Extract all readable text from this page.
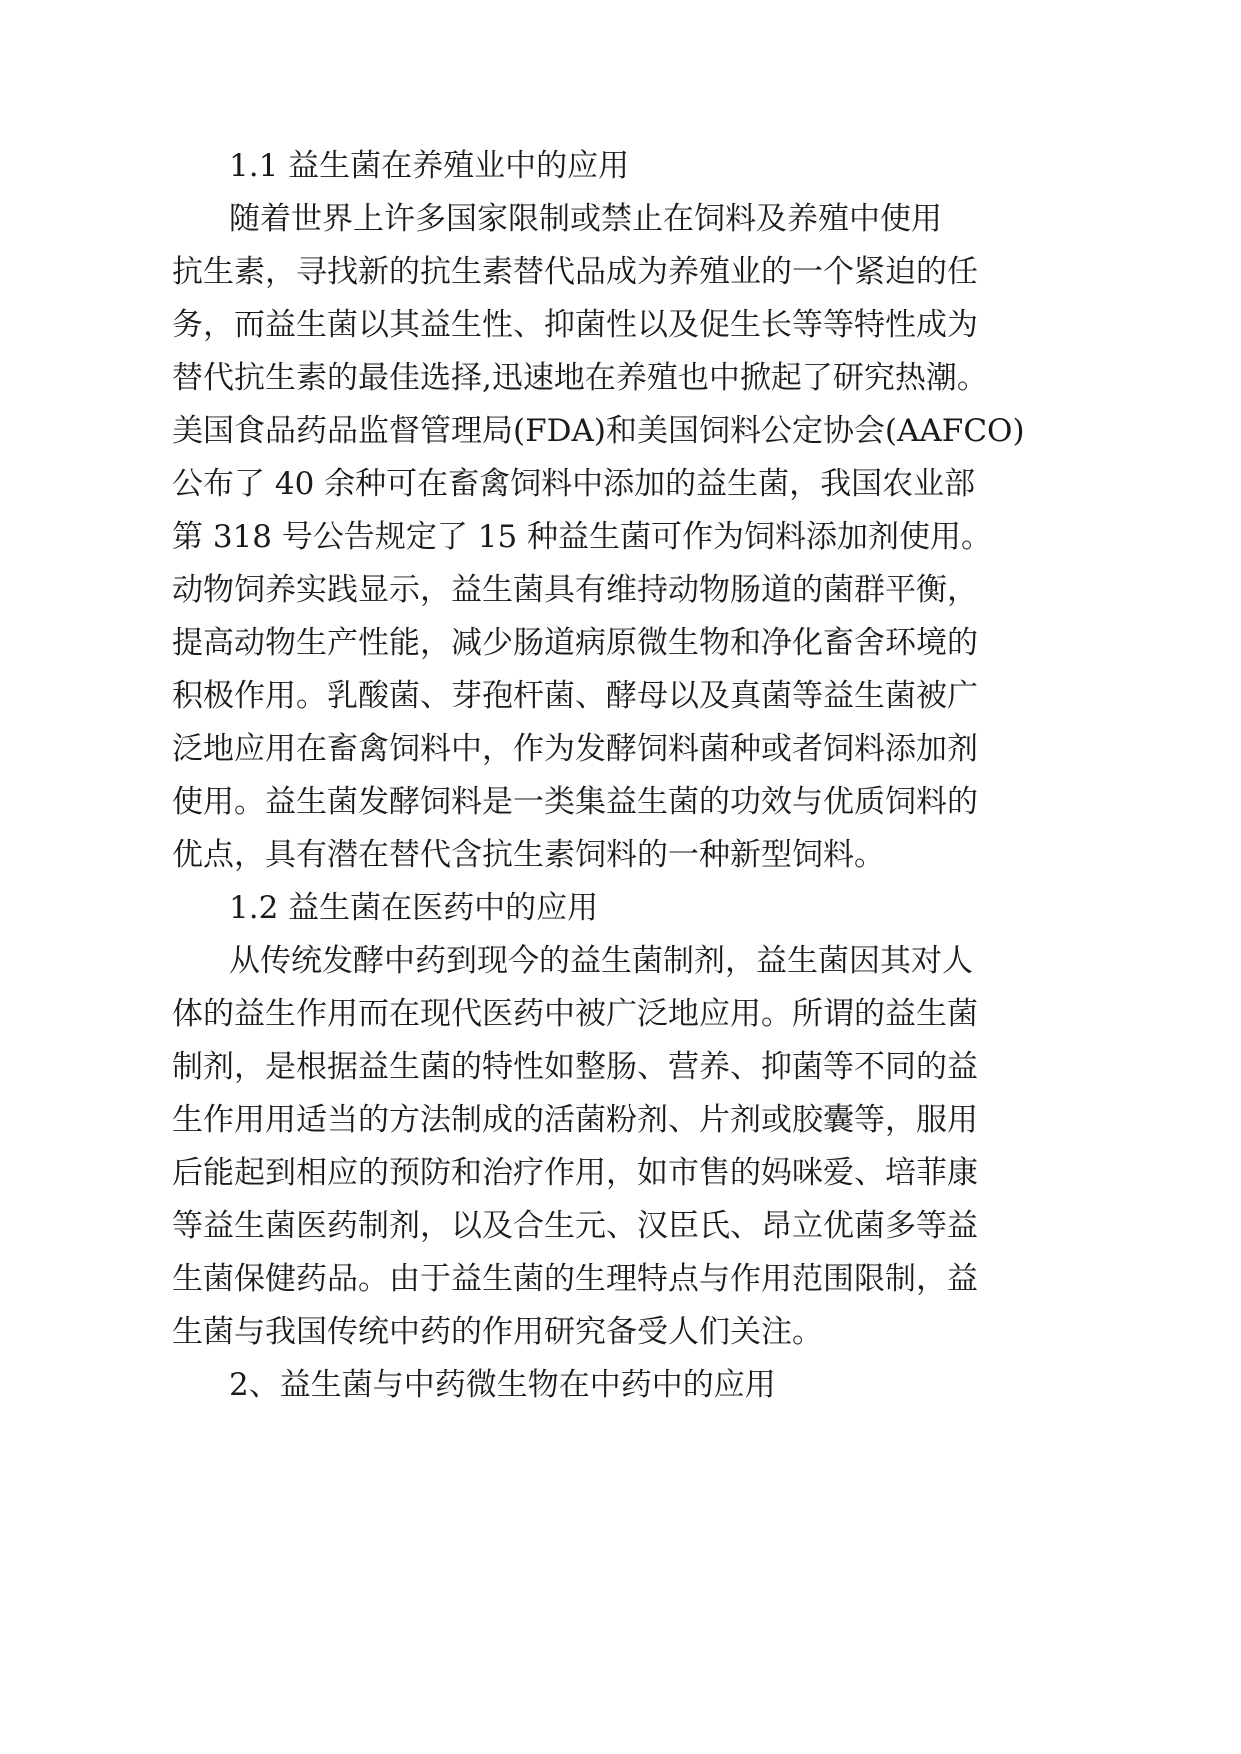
1.1 益生菌在养殖业中的应用
随着世界上许多国家限制或禁止在饲料及养殖中使用
抗生素，寻找新的抗生素替代品成为养殖业的一个紧迫的任
务，而益生菌以其益生性、抑菌性以及促生长等等特性成为
替代抗生素的最佳选择,迅速地在养殖也中掀起了研究热潮。
美国食品药品监督管理局(FDA)和美国饲料公定协会(AAFCO)
公布了 40 余种可在畜禽饲料中添加的益生菌，我国农业部
第 318 号公告规定了 15 种益生菌可作为饲料添加剂使用。
动物饲养实践显示，益生菌具有维持动物肠道的菌群平衡，
提高动物生产性能，减少肠道病原微生物和净化畜舍环境的
积极作用。乳酸菌、芽孢杆菌、酵母以及真菌等益生菌被广
泛地应用在畜禽饲料中，作为发酵饲料菌种或者饲料添加剂
使用。益生菌发酵饲料是一类集益生菌的功效与优质饲料的
优点，具有潜在替代含抗生素饲料的一种新型饲料。
1.2 益生菌在医药中的应用
从传统发酵中药到现今的益生菌制剂，益生菌因其对人
体的益生作用而在现代医药中被广泛地应用。所谓的益生菌
制剂，是根据益生菌的特性如整肠、营养、抑菌等不同的益
生作用用适当的方法制成的活菌粉剂、片剂或胶囊等，服用
后能起到相应的预防和治疗作用，如市售的妈咪爱、培菲康
等益生菌医药制剂，以及合生元、汉臣氏、昂立优菌多等益
生菌保健药品。由于益生菌的生理特点与作用范围限制，益
生菌与我国传统中药的作用研究备受人们关注。
2、益生菌与中药微生物在中药中的应用
